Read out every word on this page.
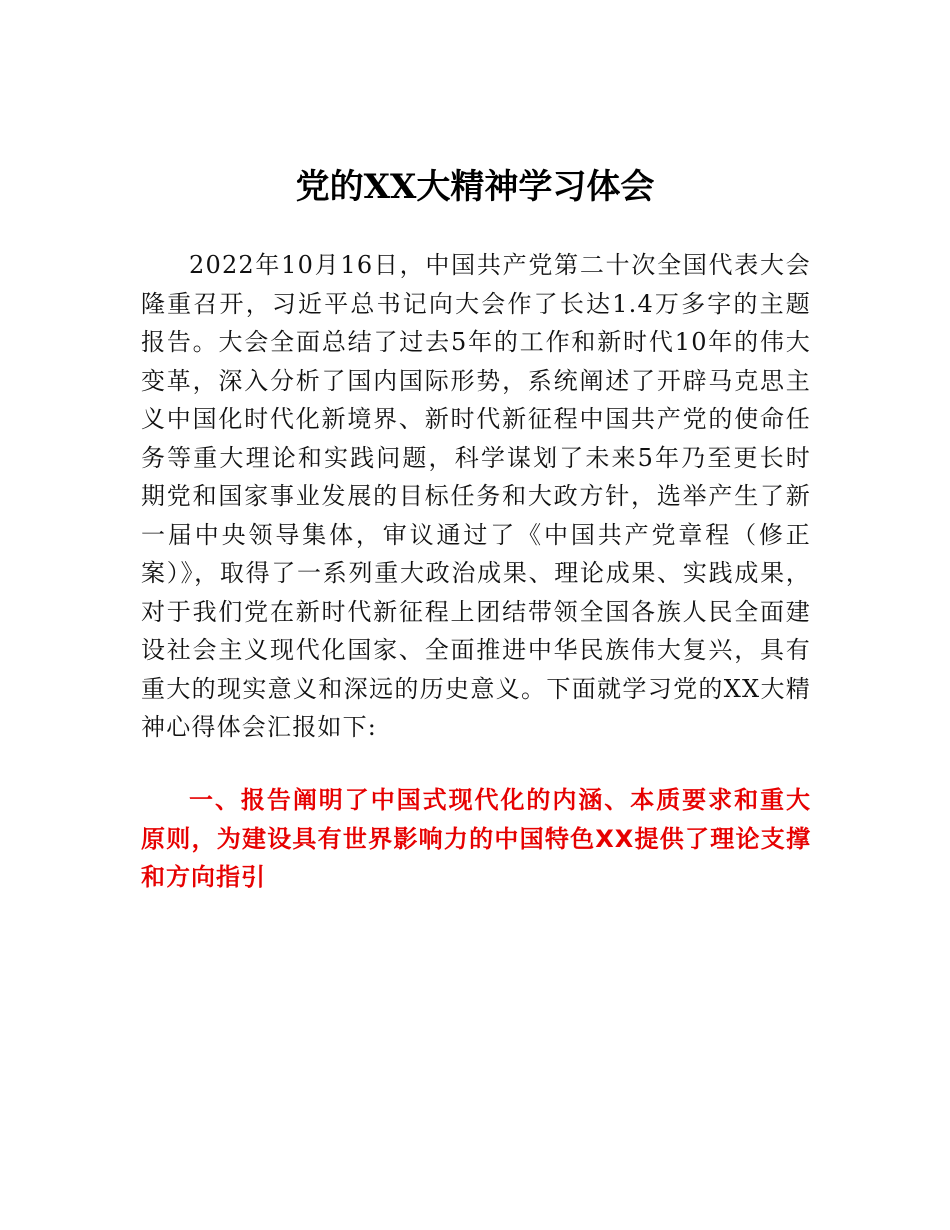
党的XX大精神学习体会

2022年10月16日，中国共产党第二十次全国代表大会隆重召开，习近平总书记向大会作了长达1.4万多字的主题报告。大会全面总结了过去5年的工作和新时代10年的伟大变革，深入分析了国内国际形势，系统阐述了开辟马克思主义中国化时代化新境界、新时代新征程中国共产党的使命任务等重大理论和实践问题，科学谋划了未来5年乃至更长时期党和国家事业发展的目标任务和大政方针，选举产生了新一届中央领导集体，审议通过了《中国共产党章程（修正案）》，取得了一系列重大政治成果、理论成果、实践成果，对于我们党在新时代新征程上团结带领全国各族人民全面建设社会主义现代化国家、全面推进中华民族伟大复兴，具有重大的现实意义和深远的历史意义。下面就学习党的XX大精神心得体会汇报如下:

一、报告阐明了中国式现代化的内涵、本质要求和重大原则，为建设具有世界影响力的中国特色XX提供了理论支撑和方向指引
